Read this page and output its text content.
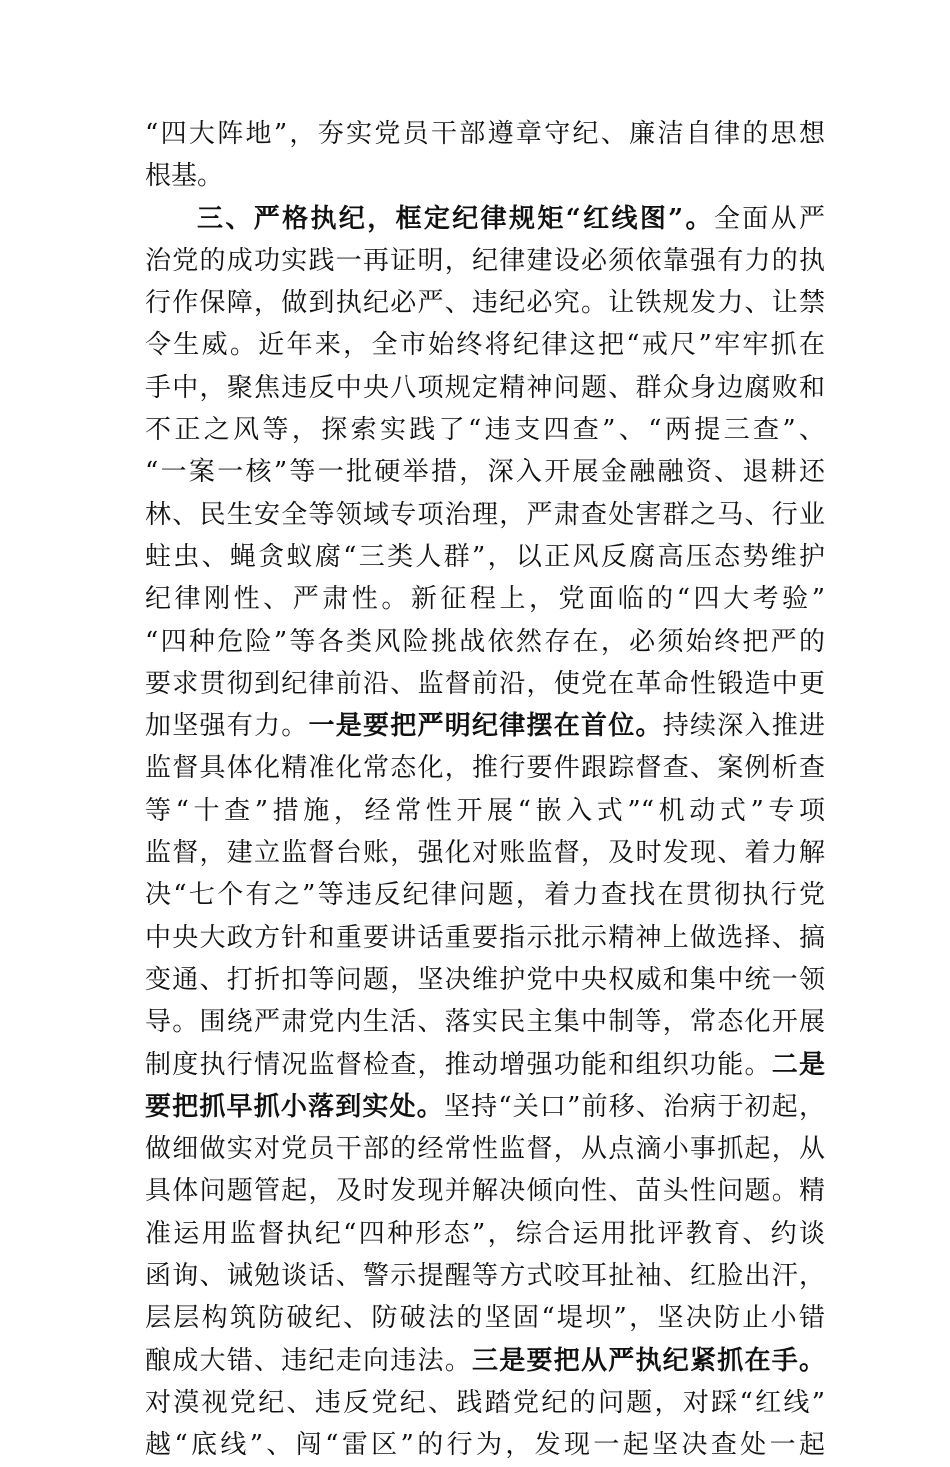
“四大阵地”，夯实党员干部遵章守纪、廉洁自律的思想
根基。
三、严格执纪，框定纪律规矩“红线图”。全面从严
治党的成功实践一再证明，纪律建设必须依靠强有力的执
行作保障，做到执纪必严、违纪必究。让铁规发力、让禁
令生威。近年来，全市始终将纪律这把“戒尺”牢牢抓在
手中，聚焦违反中央八项规定精神问题、群众身边腐败和
不正之风等，探索实践了“违支四查”、“两提三查”、
“一案一核”等一批硬举措，深入开展金融融资、退耕还
林、民生安全等领域专项治理，严肃查处害群之马、行业
蛀虫、蝇贪蚁腐“三类人群”，以正风反腐高压态势维护
纪律刚性、严肃性。新征程上，党面临的“四大考验”
“四种危险”等各类风险挑战依然存在，必须始终把严的
要求贯彻到纪律前沿、监督前沿，使党在革命性锻造中更
加坚强有力。一是要把严明纪律摆在首位。持续深入推进
监督具体化精准化常态化，推行要件跟踪督查、案例析查
等“十查”措施，经常性开展“嵌入式”“机动式”专项
监督，建立监督台账，强化对账监督，及时发现、着力解
决“七个有之”等违反纪律问题，着力查找在贯彻执行党
中央大政方针和重要讲话重要指示批示精神上做选择、搞
变通、打折扣等问题，坚决维护党中央权威和集中统一领
导。围绕严肃党内生活、落实民主集中制等，常态化开展
制度执行情况监督检查，推动增强功能和组织功能。二是
要把抓早抓小落到实处。坚持“关口”前移、治病于初起，
做细做实对党员干部的经常性监督，从点滴小事抓起，从
具体问题管起，及时发现并解决倾向性、苗头性问题。精
准运用监督执纪“四种形态”，综合运用批评教育、约谈
函询、诫勉谈话、警示提醒等方式咬耳扯袖、红脸出汗，
层层构筑防破纪、防破法的坚固“堤坝”，坚决防止小错
酿成大错、违纪走向违法。三是要把从严执纪紧抓在手。
对漠视党纪、违反党纪、践踏党纪的问题，对踩“红线”
越“底线”、闯“雷区”的行为，发现一起坚决查处一起
